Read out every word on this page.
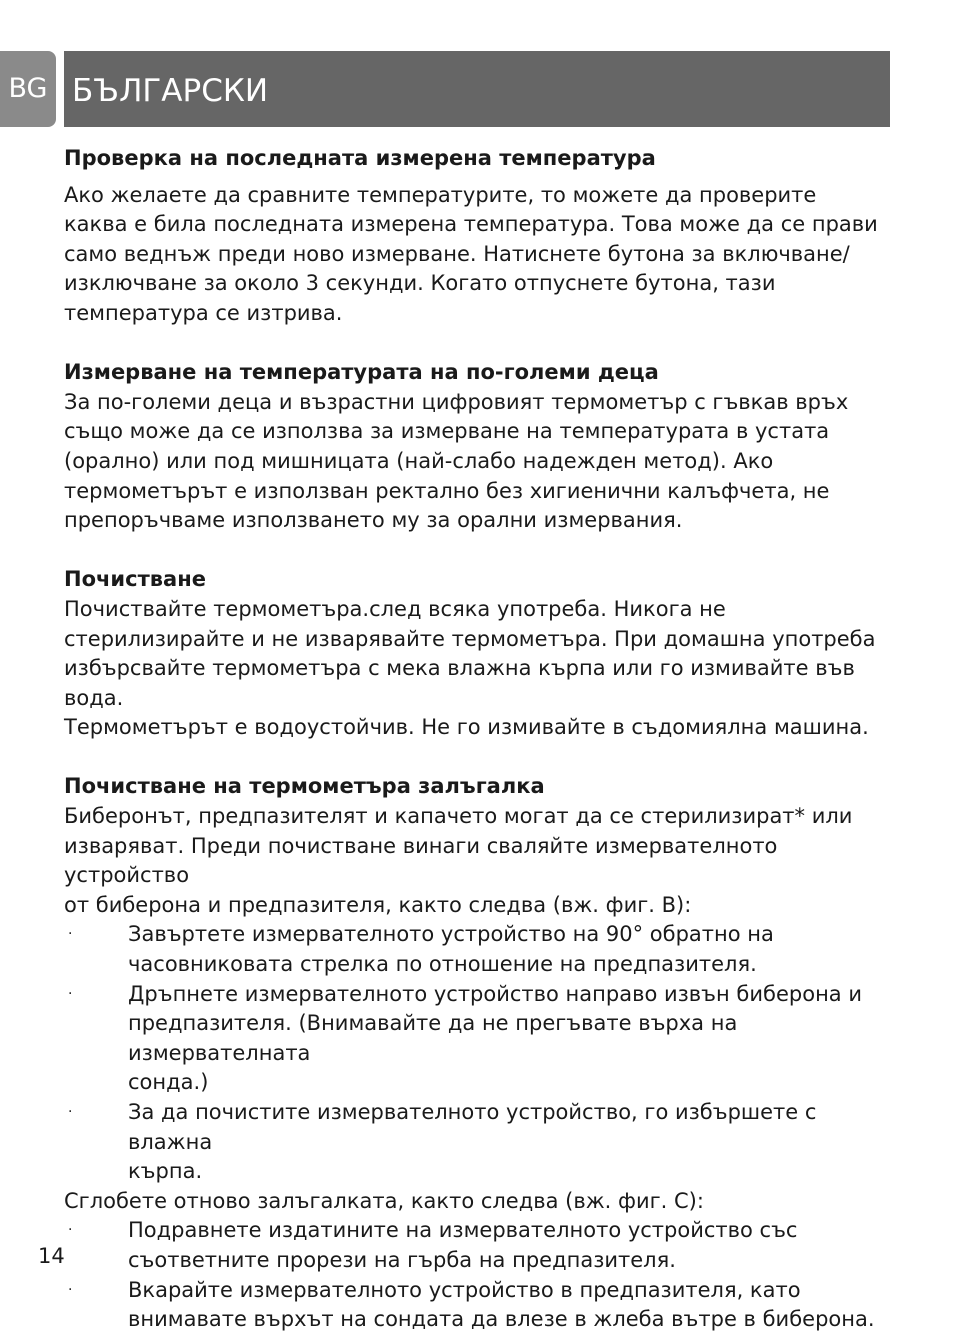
BG БЪЛГАРСКИ
Проверка на последната измерена температура

Ако желаете да сравните температурите, то можете да проверите
каква е била последната измерена температура. Това може да се прави
само веднъж преди ново измерване. Натиснете бутона за включване/
изключване за около 3 секунди. Когато отпуснете бутона, тази
температура се изтрива.

Измерване на температурата на по-големи деца

За по-големи деца и възрастни цифровият термометър с гъвкав връх
също може да се използва за измерване на температурата в устата
(орално) или под мишницата (най-слабо надежден метод). Ако
термометърът е използван ректално без хигиенични калъфчета, не
препоръчваме използването му за орални измервания.

Почистване

Почиствайте термометъра.след всяка употреба. Никога не
стерилизирайте и не изварявайте термометъра. При домашна употреба
избърсвайте термометъра с мека влажна кърпа или го измивайте във вода.
Термометърът е водоустойчив. Не го измивайте в съдомиялна машина.

Почистване на термометъра залъгалка

Биберонът, предпазителят и капачето могат да се стерилизират* или
изваряват. Преди почистване винаги сваляйте измервателното устройство
от биберона и предпазителя, както следва (вж. фиг. B):

·	Завъртете измервателното устройство на 90° обратно на
часовниковата стрелка по отношение на предпазителя.
·	Дръпнете измервателното устройство направо извън биберона и
предпазителя. (Внимавайте да не прегъвате върха на измервателната
сонда.)
·	За да почистите измервателното устройство, го избършете с влажна
кърпа.

Сглобете отново залъгалката, както следва (вж. фиг. C):

·	Подравнете издатините на измервателното устройство със
съответните прорези на гърба на предпазителя.
·	Вкарайте измервателното устройство в предпазителя, като
внимавате върхът на сондата да влезе в жлеба вътре в биберона.
14
